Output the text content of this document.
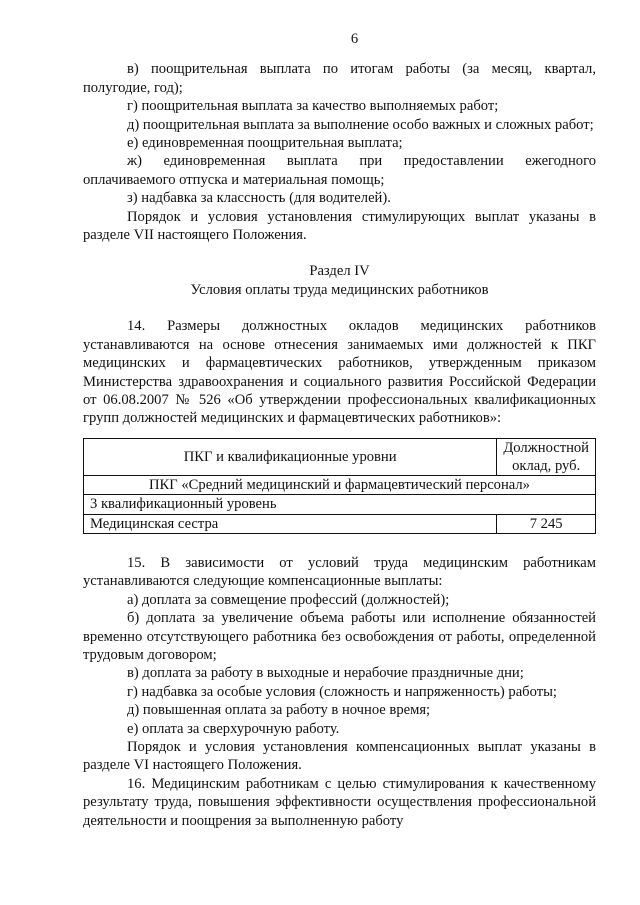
6

в) поощрительная выплата по итогам работы (за месяц, квартал, полугодие, год);

г) поощрительная выплата за качество выполняемых работ;

д) поощрительная выплата за выполнение особо важных и сложных работ;

е) единовременная поощрительная выплата;

ж) единовременная выплата при предоставлении ежегодного оплачиваемого отпуска и материальная помощь;

з) надбавка за классность (для водителей).

Порядок и условия установления стимулирующих выплат указаны в разделе VII настоящего Положения.

Раздел IV
Условия оплаты труда медицинских работников

14. Размеры должностных окладов медицинских работников устанавливаются на основе отнесения занимаемых ими должностей к ПКГ медицинских и фармацевтических работников, утвержденным приказом Министерства здравоохранения и социального развития Российской Федерации от 06.08.2007 № 526 «Об утверждении профессиональных квалификационных групп должностей медицинских и фармацевтических работников»:

ПКГ и квалификационные уровни	Должностной оклад, руб.
ПКГ «Средний медицинский и фармацевтический персонал»	
3 квалификационный уровень	
Медицинская сестра	7 245

15. В зависимости от условий труда медицинским работникам устанавливаются следующие компенсационные выплаты:

а) доплата за совмещение профессий (должностей);

б) доплата за увеличение объема работы или исполнение обязанностей временно отсутствующего работника без освобождения от работы, определенной трудовым договором;

в) доплата за работу в выходные и нерабочие праздничные дни;

г) надбавка за особые условия (сложность и напряженность) работы;

д) повышенная оплата за работу в ночное время;

е) оплата за сверхурочную работу.

Порядок и условия установления компенсационных выплат указаны в разделе VI настоящего Положения.

16. Медицинским работникам с целью стимулирования к качественному результату труда, повышения эффективности осуществления профессиональной деятельности и поощрения за выполненную работу
